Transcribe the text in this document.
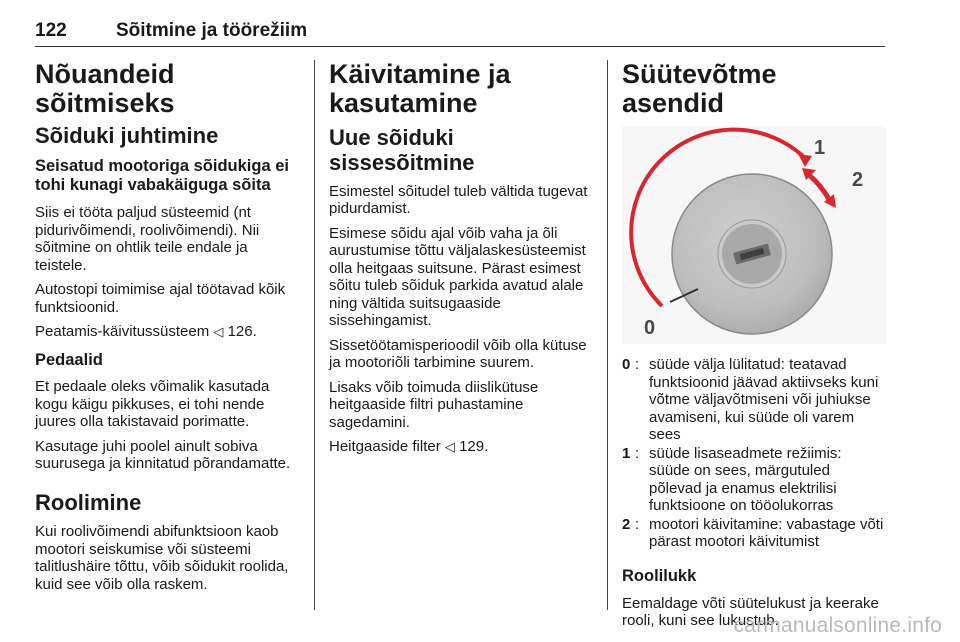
122	Sõitmine ja töörežiim
Nõuandeid sõitmiseks
Sõiduki juhtimine
Seisatud mootoriga sõidukiga ei tohi kunagi vabakäiguga sõita

Siis ei tööta paljud süsteemid (nt pidurivõimendi, roolivõimendi). Nii sõitmine on ohtlik teile endale ja teistele.

Autostopi toimimise ajal töötavad kõik funktsioonid.

Peatamis-käivitussüsteem ◁ 126.

Pedaalid

Et pedaale oleks võimalik kasutada kogu käigu pikkuses, ei tohi nende juures olla takistavaid porimatte.

Kasutage juhi poolel ainult sobiva suurusega ja kinnitatud põrandamatte.

Roolimine

Kui roolivõimendi abifunktsioon kaob mootori seiskumise või süsteemi talitlushäire tõttu, võib sõidukit roolida, kuid see võib olla raskem.

Käivitamine ja kasutamine
Uue sõiduki sissesõitmine

Esimestel sõitudel tuleb vältida tugevat pidurdamist.

Esimese sõidu ajal võib vaha ja õli aurustumise tõttu väljalaskesüsteemist olla heitgaas suitsune. Pärast esimest sõitu tuleb sõiduk parkida avatud alale ning vältida suitsugaaside sissehingamist.

Sissetöötamisperioodil võib olla kütuse ja mootoriõli tarbimine suurem.

Lisaks võib toimuda diislikütuse heitgaaside filtri puhastamine sagedamini.

Heitgaaside filter ◁ 129.

Süütevõtme asendid
1
2
0
0 : süüde välja lülitatud: teatavad funktsioonid jäävad aktiivseks kuni võtme väljavõtmiseni või juhiukse avamiseni, kui süüde oli varem sees
1 : süüde lisaseadmete režiimis: süüde on sees, märgutuled põlevad ja enamus elektrilisi funktsioone on tööolukorras
2 : mootori käivitamine: vabastage võti pärast mootori käivitumist
Roolilukk

Eemaldage võti süütelukust ja keerake rooli, kuni see lukustub.

carmanualsonline.info
